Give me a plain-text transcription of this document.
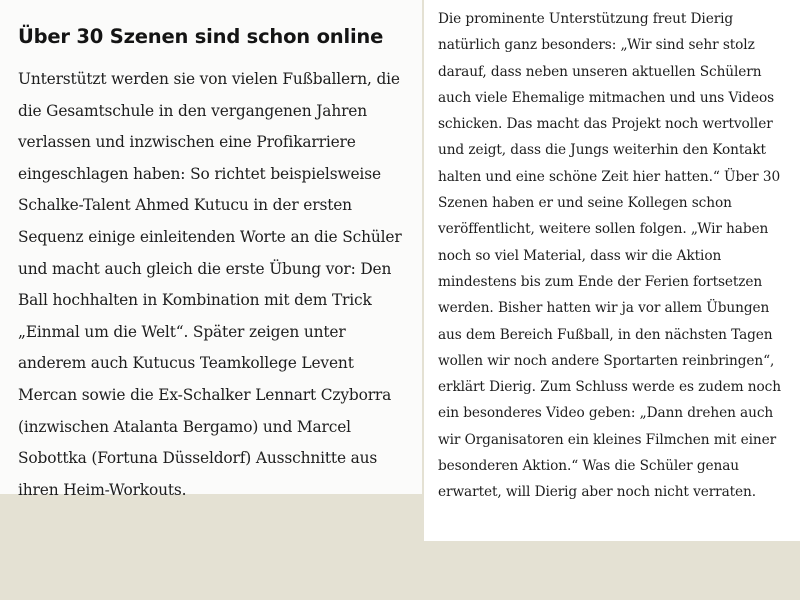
Über 30 Szenen sind schon online
Unterstützt werden sie von vielen Fußballern, die
die Gesamtschule in den vergangenen Jahren
verlassen und inzwischen eine Profikarriere
eingeschlagen haben: So richtet beispielsweise
Schalke-Talent Ahmed Kutucu in der ersten
Sequenz einige einleitenden Worte an die Schüler
und macht auch gleich die erste Übung vor: Den
Ball hochhalten in Kombination mit dem Trick
„Einmal um die Welt“. Später zeigen unter
anderem auch Kutucus Teamkollege Levent
Mercan sowie die Ex-Schalker Lennart Czyborra
(inzwischen Atalanta Bergamo) und Marcel
Sobottka (Fortuna Düsseldorf) Ausschnitte aus
ihren Heim-Workouts.
Die prominente Unterstützung freut Dierig
natürlich ganz besonders: „Wir sind sehr stolz
darauf, dass neben unseren aktuellen Schülern
auch viele Ehemalige mitmachen und uns Videos
schicken. Das macht das Projekt noch wertvoller
und zeigt, dass die Jungs weiterhin den Kontakt
halten und eine schöne Zeit hier hatten.“ Über 30
Szenen haben er und seine Kollegen schon
veröffentlicht, weitere sollen folgen. „Wir haben
noch so viel Material, dass wir die Aktion
mindestens bis zum Ende der Ferien fortsetzen
werden. Bisher hatten wir ja vor allem Übungen
aus dem Bereich Fußball, in den nächsten Tagen
wollen wir noch andere Sportarten reinbringen“,
erklärt Dierig. Zum Schluss werde es zudem noch
ein besonderes Video geben: „Dann drehen auch
wir Organisatoren ein kleines Filmchen mit einer
besonderen Aktion.“ Was die Schüler genau
erwartet, will Dierig aber noch nicht verraten.
